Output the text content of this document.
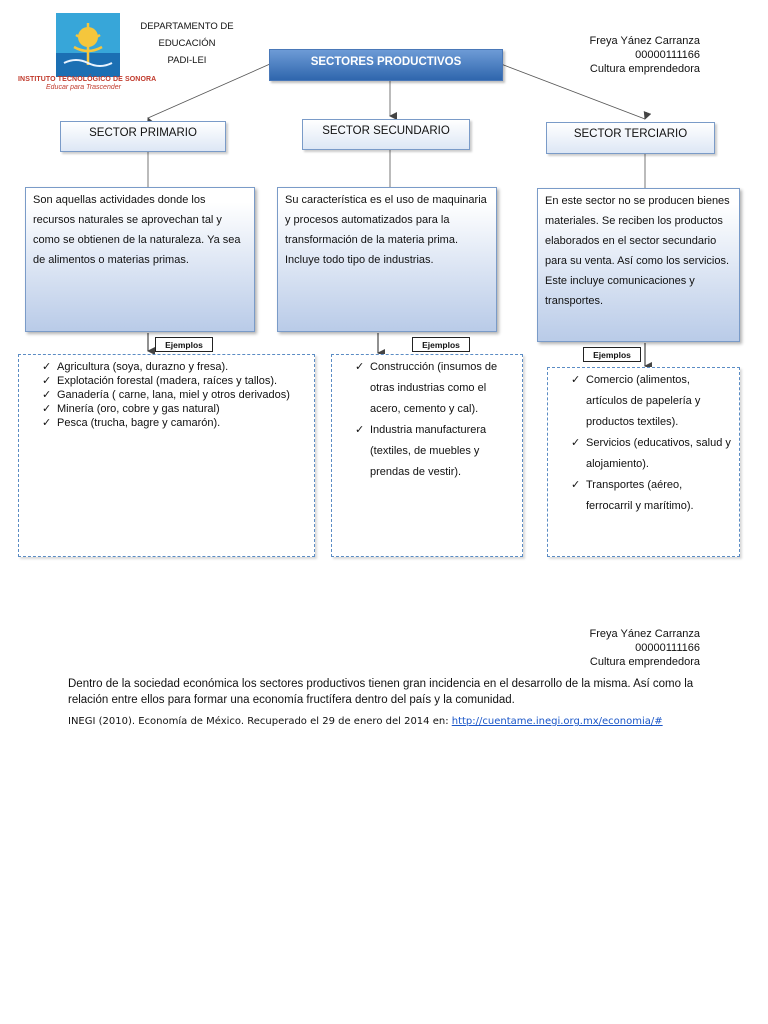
INSTITUTO TECNOLÓGICO DE SONORA
Educar para Trascender
DEPARTAMENTO DE
EDUCACIÓN
PADI-LEI
Freya Yánez Carranza
00000111166
Cultura emprendedora
SECTORES PRODUCTIVOS
SECTOR PRIMARIO	SECTOR SECUNDARIO	SECTOR TERCIARIO
Son aquellas actividades donde los recursos naturales se aprovechan tal y como se obtienen de la naturaleza. Ya sea de alimentos o materias primas.
Su característica es el uso de maquinaria y procesos automatizados para la transformación de la materia prima. Incluye todo tipo de industrias.
En este sector no se producen bienes materiales. Se reciben los productos elaborados en el sector secundario para su venta. Así como los servicios. Este incluye comunicaciones y transportes.
Ejemplos	Ejemplos
Ejemplos
✓ Agricultura (soya, durazno y fresa).
✓ Explotación forestal (madera, raíces y tallos).
✓ Ganadería ( carne, lana, miel y otros derivados)
✓ Minería (oro, cobre y gas natural)
✓ Pesca (trucha, bagre y camarón).
✓ Construcción (insumos de otras industrias como el acero, cemento y cal).
✓ Industria manufacturera (textiles, de muebles y prendas de vestir).
✓ Comercio (alimentos, artículos de papelería y productos textiles).
✓ Servicios (educativos, salud y alojamiento).
✓ Transportes (aéreo, ferrocarril y marítimo).
Freya Yánez Carranza
00000111166
Cultura emprendedora
Dentro de la sociedad económica los sectores productivos tienen gran incidencia en el desarrollo de la misma. Así como la relación entre ellos para formar una economía fructífera dentro del país y la comunidad.
INEGI (2010). Economía de México. Recuperado el 29 de enero del 2014 en: http://cuentame.inegi.org.mx/economia/#
